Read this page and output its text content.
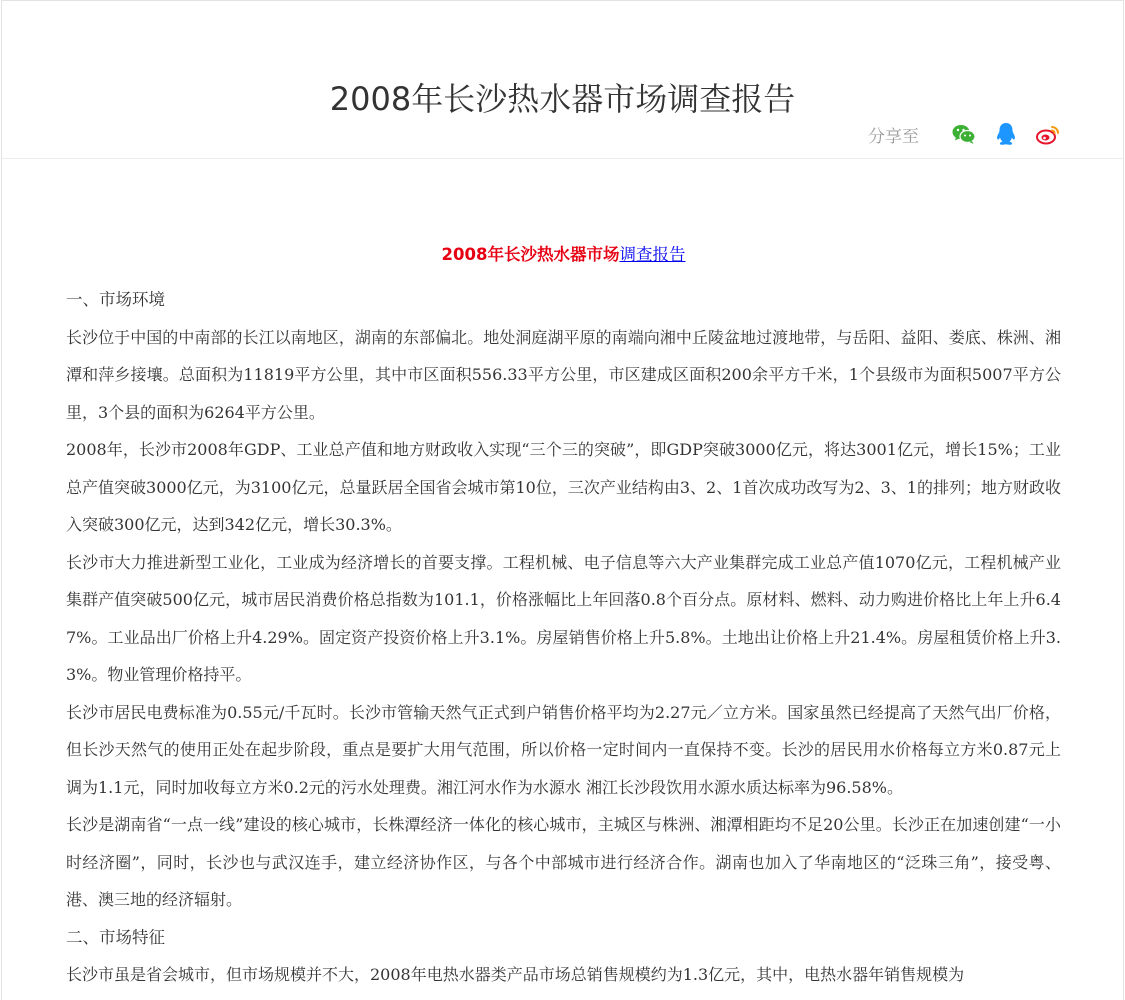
2008年长沙热水器市场调查报告
分享至

2008年长沙热水器市场调查报告

一、市场环境

长沙位于中国的中南部的长江以南地区，湖南的东部偏北。地处洞庭湖平原的南端向湘中丘陵盆地过渡地带，与岳阳、益阳、娄底、株洲、湘潭和萍乡接壤。总面积为11819平方公里，其中市区面积556.33平方公里，市区建成区面积200余平方千米，1个县级市为面积5007平方公里，3个县的面积为6264平方公里。

2008年，长沙市2008年GDP、工业总产值和地方财政收入实现“三个三的突破”，即GDP突破3000亿元，将达3001亿元，增长15%；工业总产值突破3000亿元，为3100亿元，总量跃居全国省会城市第10位，三次产业结构由3、2、1首次成功改写为2、3、1的排列；地方财政收入突破300亿元，达到342亿元，增长30.3%。

长沙市大力推进新型工业化，工业成为经济增长的首要支撑。工程机械、电子信息等六大产业集群完成工业总产值1070亿元，工程机械产业集群产值突破500亿元，城市居民消费价格总指数为101.1，价格涨幅比上年回落0.8个百分点。原材料、燃料、动力购进价格比上年上升6.47%。工业品出厂价格上升4.29%。固定资产投资价格上升3.1%。房屋销售价格上升5.8%。土地出让价格上升21.4%。房屋租赁价格上升3.3%。物业管理价格持平。

长沙市居民电费标准为0.55元/千瓦时。长沙市管输天然气正式到户销售价格平均为2.27元／立方米。国家虽然已经提高了天然气出厂价格，但长沙天然气的使用正处在起步阶段，重点是要扩大用气范围，所以价格一定时间内一直保持不变。长沙的居民用水价格每立方米0.87元上调为1.1元，同时加收每立方米0.2元的污水处理费。湘江河水作为水源水 湘江长沙段饮用水源水质达标率为96.58%。

长沙是湖南省“一点一线”建设的核心城市，长株潭经济一体化的核心城市，主城区与株洲、湘潭相距均不足20公里。长沙正在加速创建“一小时经济圈”，同时，长沙也与武汉连手，建立经济协作区，与各个中部城市进行经济合作。湖南也加入了华南地区的“泛珠三角”，接受粤、港、澳三地的经济辐射。

二、市场特征

长沙市虽是省会城市，但市场规模并不大，2008年电热水器类产品市场总销售规模约为1.3亿元，其中，电热水器年销售规模为
